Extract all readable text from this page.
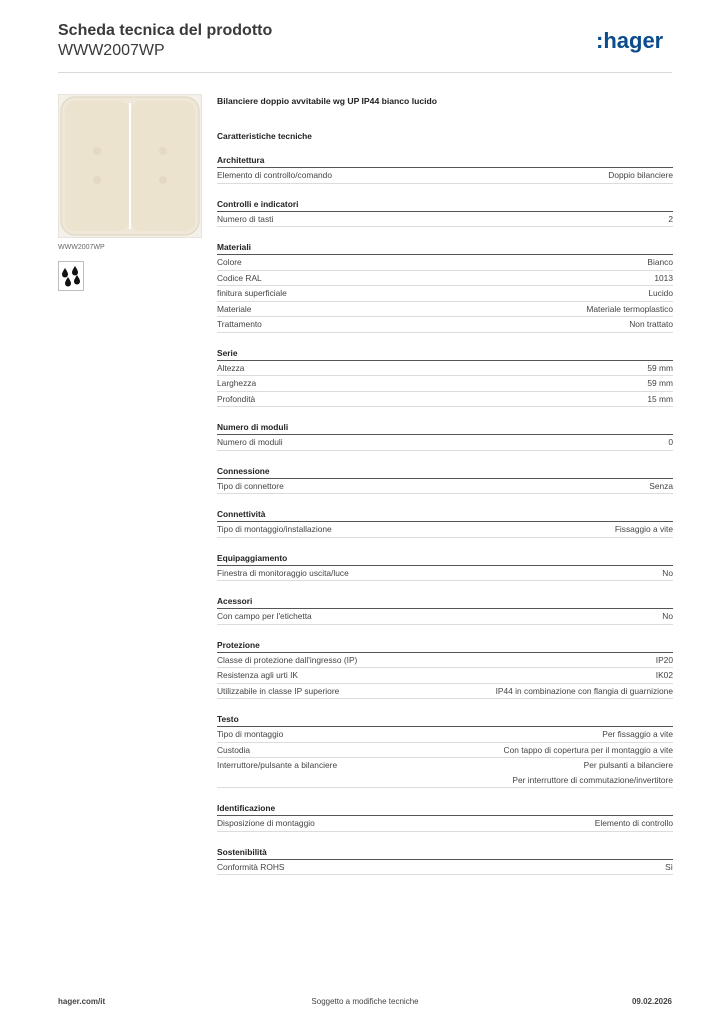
Scheda tecnica del prodotto
WWW2007WP	:hager
WWW2007WP
Bilanciere doppio avvitabile wg UP IP44 bianco lucido
Caratteristiche tecniche
Architettura
Elemento di controllo/comando	Doppio bilanciere
Controlli e indicatori
Numero di tasti	2
Materiali
Colore	Bianco
Codice RAL	1013
finitura superficiale	Lucido
Materiale	Materiale termoplastico
Trattamento	Non trattato
Serie
Altezza	59 mm
Larghezza	59 mm
Profondità	15 mm
Numero di moduli
Numero di moduli	0
Connessione
Tipo di connettore	Senza
Connettività
Tipo di montaggio/installazione	Fissaggio a vite
Equipaggiamento
Finestra di monitoraggio uscita/luce	No
Acessori
Con campo per l'etichetta	No
Protezione
Classe di protezione dall'ingresso (IP)	IP20
Resistenza agli urti IK	IK02
Utilizzabile in classe IP superiore	IP44 in combinazione con flangia di guarnizione
Testo
Tipo di montaggio	Per fissaggio a vite
Custodia	Con tappo di copertura per il montaggio a vite
Interruttore/pulsante a bilanciere	Per pulsanti a bilanciere
Per interruttore di commutazione/invertitore
Identificazione
Disposizione di montaggio	Elemento di controllo
Sostenibilità
Conformità ROHS	Sì
hager.com/it	Soggetto a modifiche tecniche	09.02.2026
